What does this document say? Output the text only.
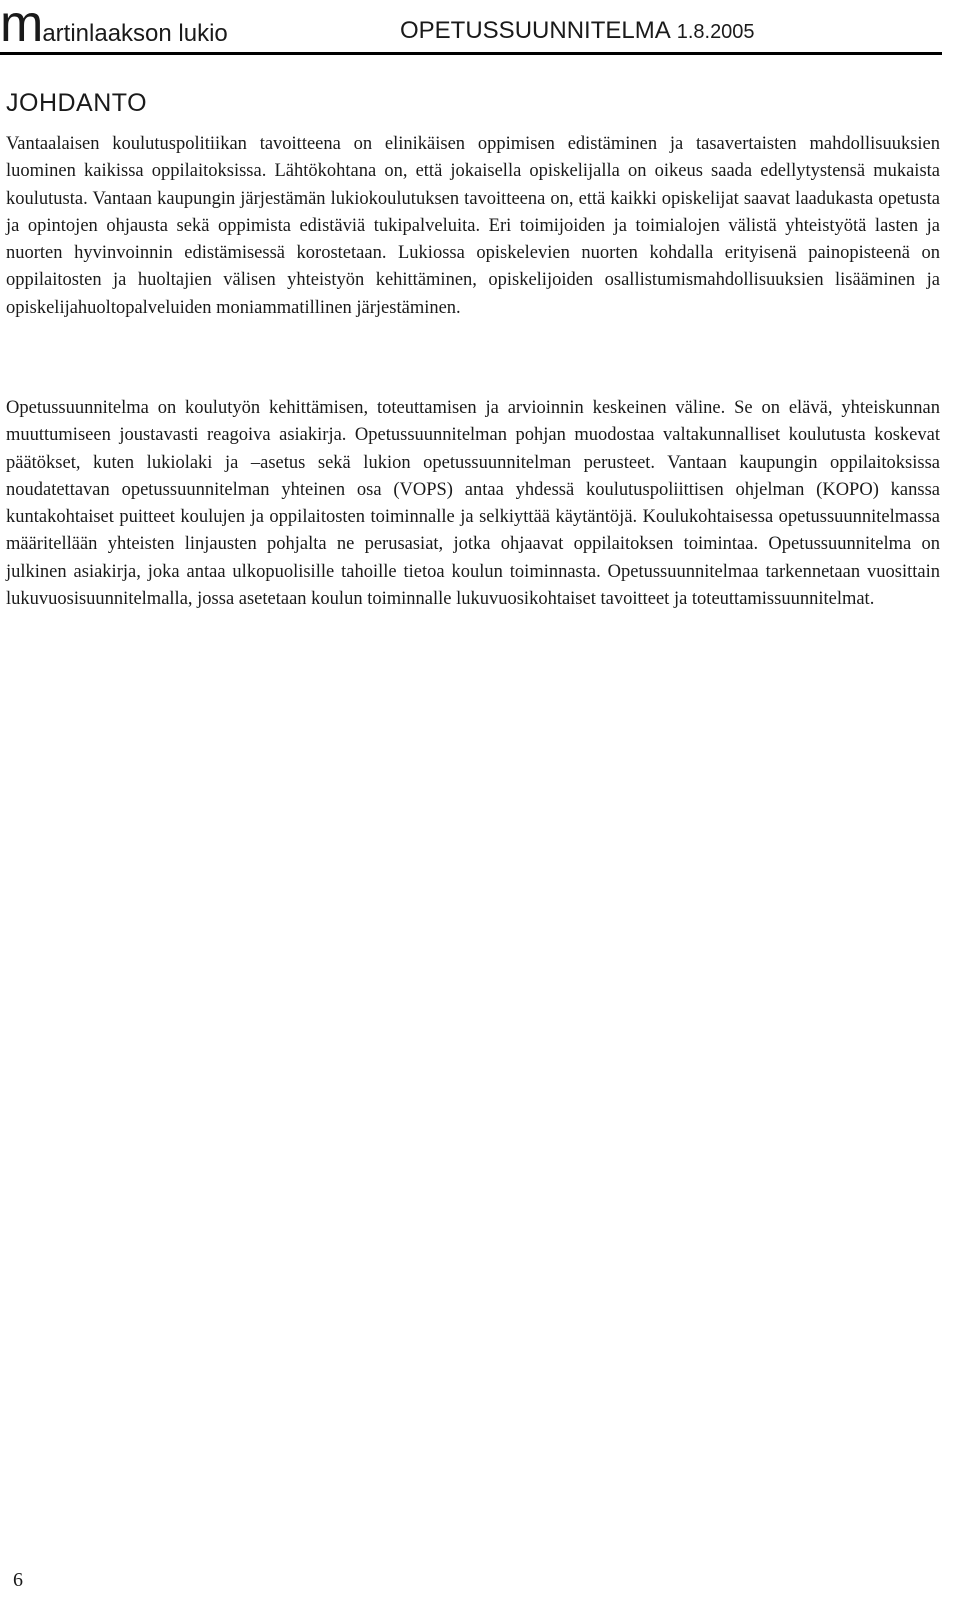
martinlaakson lukio	OPETUSSUUNNITELMA 1.8.2005
JOHDANTO

Vantaalaisen koulutuspolitiikan tavoitteena on elinikäisen oppimisen edistäminen ja tasavertaisten mahdollisuuksien luominen kaikissa oppilaitoksissa. Lähtökohtana on, että jokaisella opiskelijalla on oikeus saada edellytystensä mukaista koulutusta. Vantaan kaupungin järjestämän lukiokoulutuksen tavoitteena on, että kaikki opiskelijat saavat laadukasta opetusta ja opintojen ohjausta sekä oppimista edistäviä tukipalveluita. Eri toimijoiden ja toimialojen välistä yhteistyötä lasten ja nuorten hyvinvoinnin edistämisessä korostetaan. Lukiossa opiskelevien nuorten kohdalla erityisenä painopisteenä on oppilaitosten ja huoltajien välisen yhteistyön kehittäminen, opiskelijoiden osallistumismahdollisuuksien lisääminen ja opiskelijahuoltopalveluiden moniammatillinen järjestäminen.

Opetussuunnitelma on koulutyön kehittämisen, toteuttamisen ja arvioinnin keskeinen väline. Se on elävä, yhteiskunnan muuttumiseen joustavasti reagoiva asiakirja. Opetussuunnitelman pohjan muodostaa valtakunnalliset koulutusta koskevat päätökset, kuten lukiolaki ja –asetus sekä lukion opetussuunnitelman perusteet. Vantaan kaupungin oppilaitoksissa noudatettavan opetussuunnitelman yhteinen osa (VOPS) antaa yhdessä koulutuspoliittisen ohjelman (KOPO) kanssa kuntakohtaiset puitteet koulujen ja oppilaitosten toiminnalle ja selkiyttää käytäntöjä. Koulukohtaisessa opetussuunnitelmassa määritellään yhteisten linjausten pohjalta ne perusasiat, jotka ohjaavat oppilaitoksen toimintaa. Opetussuunnitelma on julkinen asiakirja, joka antaa ulkopuolisille tahoille tietoa koulun toiminnasta. Opetussuunnitelmaa tarkennetaan vuosittain lukuvuosisuunnitelmalla, jossa asetetaan koulun toiminnalle lukuvuosikohtaiset tavoitteet ja toteuttamissuunnitelmat.

6
